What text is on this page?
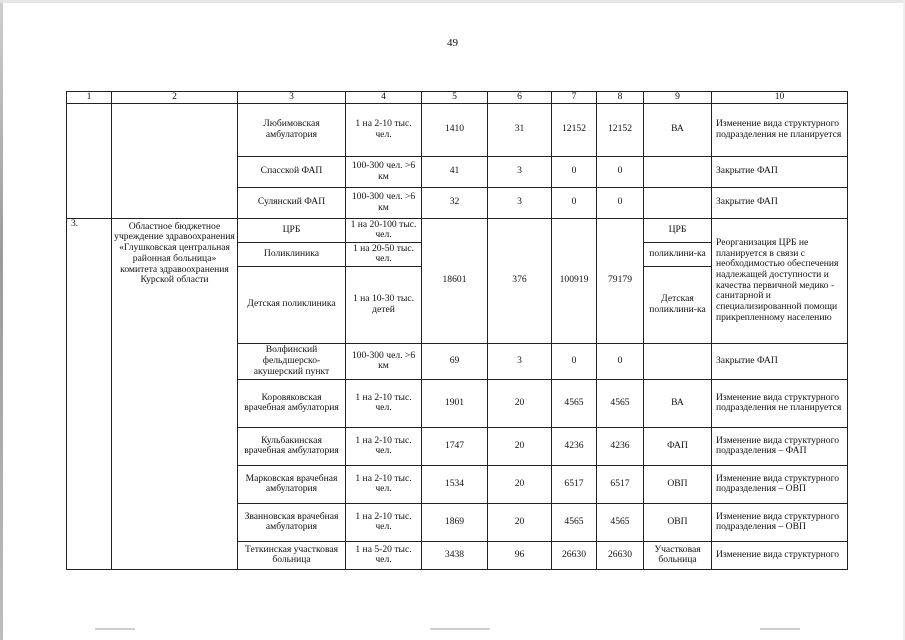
49
1	2	3	4	5	6	7	8	9	10
		Любимовская амбулатория	1 на 2-10 тыс. чел.	1410	31	12152	12152	ВА	Изменение вида структурного подразделения не планируется
		Спасской ФАП	100-300 чел. >6 км	41	3	0	0		Закрытие ФАП
		Сулянский ФАП	100-300 чел. >6 км	32	3	0	0		Закрытие ФАП
3.	Областное бюджетное учреждение здравоохранения «Глушковская центральная районная больница» комитета здравоохранения Курской области	ЦРБ	1 на 20-100 тыс. чел.	18601	376	100919	79179	ЦРБ	Реорганизация ЦРБ не планируется в связи с необходимостью обеспечения надлежащей доступности и качества первичной медико - санитарной и специализированной помощи прикрепленному населению
		Поликлиника	1 на 20-50 тыс. чел.					поликлини-ка	
		Детская поликлиника	1 на 10-30 тыс. детей					Детская поликлини-ка	
		Волфинский фельдшерско-акушерский пункт	100-300 чел. >6 км	69	3	0	0		Закрытие ФАП
		Коровяковская врачебная амбулатория	1 на 2-10 тыс. чел.	1901	20	4565	4565	ВА	Изменение вида структурного подразделения не планируется
		Кульбакинская врачебная амбулатория	1 на 2-10 тыс. чел.	1747	20	4236	4236	ФАП	Изменение вида структурного подразделения – ФАП
		Марковская врачебная амбулатория	1 на 2-10 тыс. чел.	1534	20	6517	6517	ОВП	Изменение вида структурного подразделения – ОВП
		Званновская врачебная амбулатория	1 на 2-10 тыс. чел.	1869	20	4565	4565	ОВП	Изменение вида структурного подразделения – ОВП
		Теткинская участковая больница	1 на 5-20 тыс. чел.	3438	96	26630	26630	Участковая больница	Изменение вида структурного
